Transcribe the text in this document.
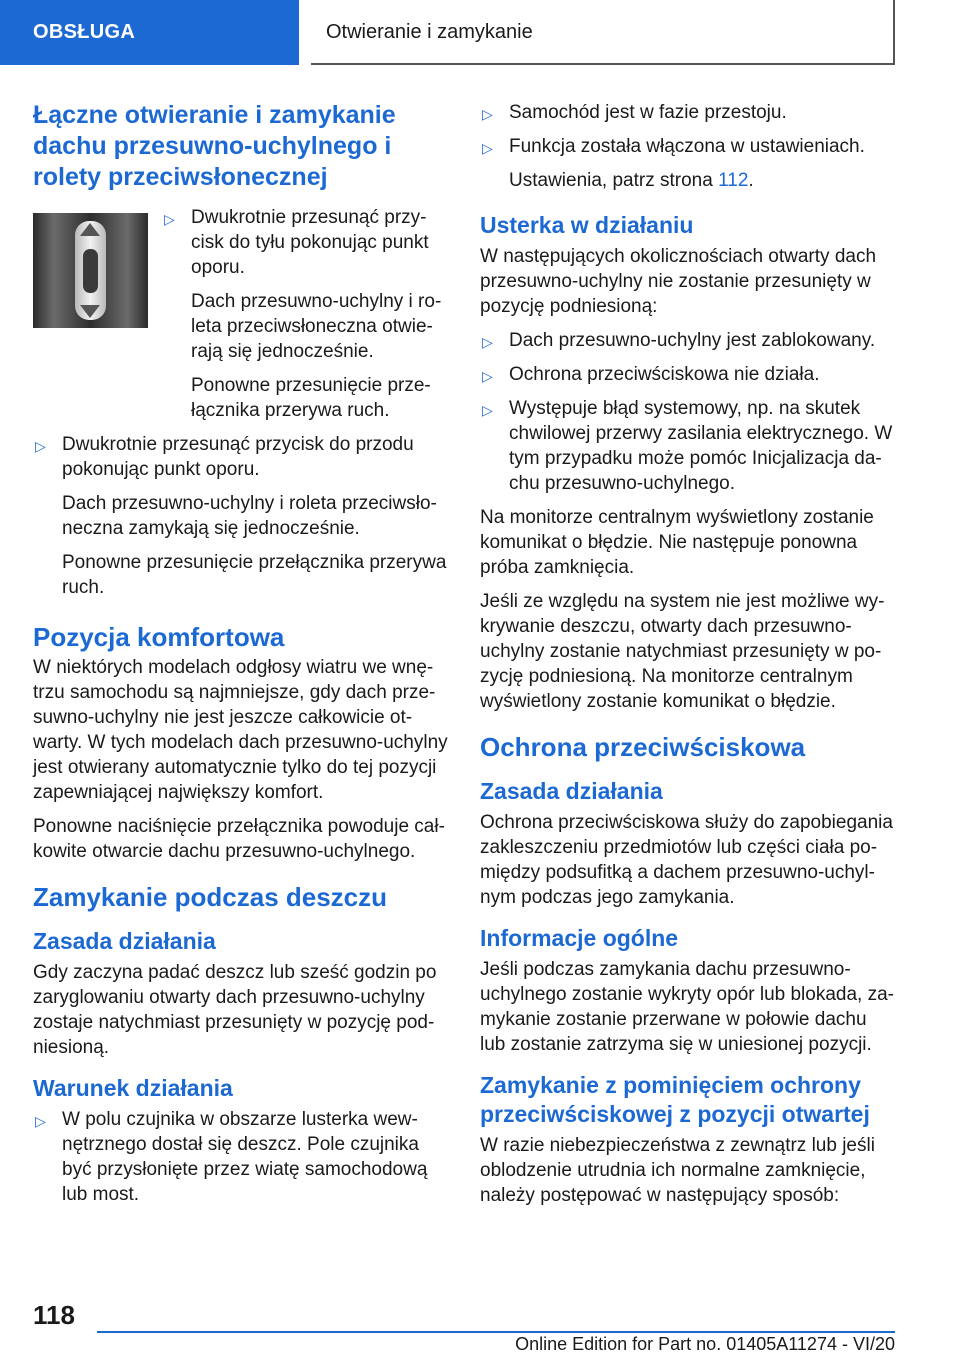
OBSŁUGA	Otwieranie i zamykanie
Łączne otwieranie i zamykanie dachu przesuwno-uchylnego i rolety przeciwsłonecznej

▷ Dwukrotnie przesunąć przy-cisk do tyłu pokonując punkt oporu.

Dach przesuwno-uchylny i ro-leta przeciwsłoneczna otwie-rają się jednocześnie.

Ponowne przesunięcie prze-łącznika przerywa ruch.

▷ Dwukrotnie przesunąć przycisk do przodu pokonując punkt oporu.

Dach przesuwno-uchylny i roleta przeciwsło-neczna zamykają się jednocześnie.

Ponowne przesunięcie przełącznika przerywa ruch.

Pozycja komfortowa

W niektórych modelach odgłosy wiatru we wnę-trzu samochodu są najmniejsze, gdy dach prze-suwno-uchylny nie jest jeszcze całkowicie ot-warty. W tych modelach dach przesuwno-uchylny jest otwierany automatycznie tylko do tej pozycji zapewniającej największy komfort.

Ponowne naciśnięcie przełącznika powoduje cał-kowite otwarcie dachu przesuwno-uchylnego.

Zamykanie podczas deszczu
Zasada działania

Gdy zaczyna padać deszcz lub sześć godzin po zaryglowaniu otwarty dach przesuwno-uchylny zostaje natychmiast przesunięty w pozycję pod-niesioną.

Warunek działania

▷ W polu czujnika w obszarze lusterka wew-nętrznego dostał się deszcz. Pole czujnika być przysłonięte przez wiatę samochodową lub most.

▷ Samochód jest w fazie przestoju.

▷ Funkcja została włączona w ustawieniach.

Ustawienia, patrz strona 112.

Usterka w działaniu

W następujących okolicznościach otwarty dach przesuwno-uchylny nie zostanie przesunięty w pozycję podniesioną:

▷ Dach przesuwno-uchylny jest zablokowany.

▷ Ochrona przeciwściskowa nie działa.

▷ Występuje błąd systemowy, np. na skutek chwilowej przerwy zasilania elektrycznego. W tym przypadku może pomóc Inicjalizacja da-chu przesuwno-uchylnego.

Na monitorze centralnym wyświetlony zostanie komunikat o błędzie. Nie następuje ponowna próba zamknięcia.

Jeśli ze względu na system nie jest możliwe wy-krywanie deszczu, otwarty dach przesuwno-uchylny zostanie natychmiast przesunięty w po-zycję podniesioną. Na monitorze centralnym wyświetlony zostanie komunikat o błędzie.

Ochrona przeciwściskowa
Zasada działania

Ochrona przeciwściskowa służy do zapobiegania zakleszczeniu przedmiotów lub części ciała po-między podsufitką a dachem przesuwno-uchyl-nym podczas jego zamykania.

Informacje ogólne

Jeśli podczas zamykania dachu przesuwno-uchylnego zostanie wykryty opór lub blokada, za-mykanie zostanie przerwane w połowie dachu lub zostanie zatrzyma się w uniesionej pozycji.

Zamykanie z pominięciem ochrony przeciwściskowej z pozycji otwartej

W razie niebezpieczeństwa z zewnątrz lub jeśli oblodzenie utrudnia ich normalne zamknięcie, należy postępować w następujący sposób:

118
Online Edition for Part no. 01405A11274 - VI/20
